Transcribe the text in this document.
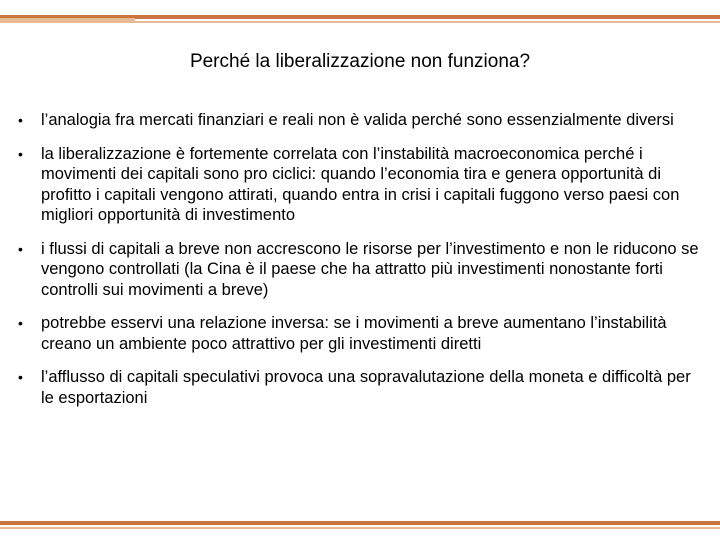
Perché la liberalizzazione non funziona?
• l’analogia fra mercati finanziari e reali non è valida perché sono essenzialmente diversi
• la liberalizzazione è fortemente correlata con l’instabilità macroeconomica perché i movimenti dei capitali sono pro ciclici: quando l’economia tira e genera opportunità di profitto i capitali vengono attirati, quando entra in crisi i capitali fuggono verso paesi con migliori opportunità di investimento
• i flussi di capitali a breve non accrescono le risorse per l’investimento e non le riducono se vengono controllati (la Cina è il paese che ha attratto più investimenti nonostante forti controlli sui movimenti a breve)
• potrebbe esservi una relazione inversa: se i movimenti a breve aumentano l’instabilità creano un ambiente poco attrattivo per gli investimenti diretti
• l’afflusso di capitali speculativi provoca una sopravalutazione della moneta e difficoltà per le esportazioni
